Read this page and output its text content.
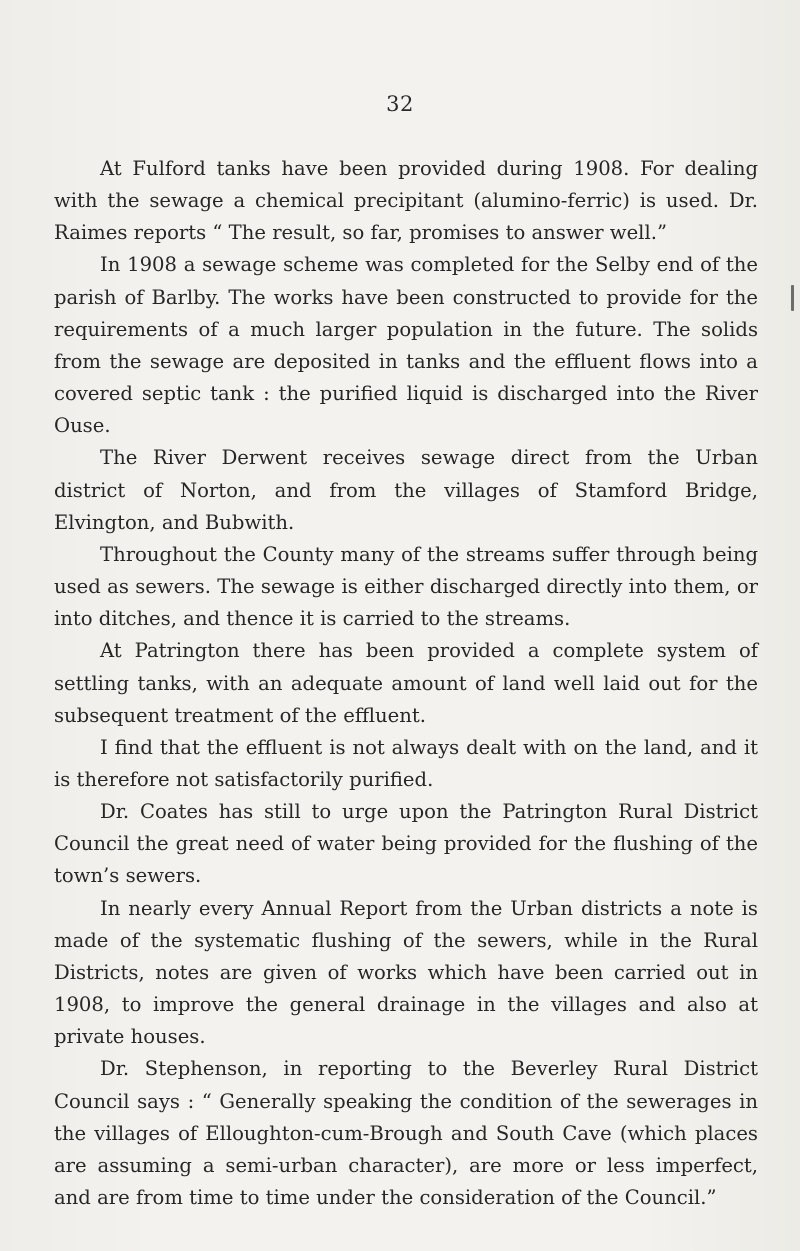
32

At Fulford tanks have been provided during 1908. For dealing with the sewage a chemical precipitant (alumino-ferric) is used. Dr. Raimes reports “ The result, so far, promises to answer well.”

In 1908 a sewage scheme was completed for the Selby end of the parish of Barlby. The works have been constructed to provide for the requirements of a much larger population in the future. The solids from the sewage are deposited in tanks and the effluent flows into a covered septic tank : the purified liquid is discharged into the River Ouse.

The River Derwent receives sewage direct from the Urban district of Norton, and from the villages of Stamford Bridge, Elvington, and Bubwith.

Throughout the County many of the streams suffer through being used as sewers. The sewage is either discharged directly into them, or into ditches, and thence it is carried to the streams.

At Patrington there has been provided a complete system of settling tanks, with an adequate amount of land well laid out for the subsequent treatment of the effluent.

I find that the effluent is not always dealt with on the land, and it is therefore not satisfactorily purified.

Dr. Coates has still to urge upon the Patrington Rural District Council the great need of water being provided for the flushing of the town’s sewers.

In nearly every Annual Report from the Urban districts a note is made of the systematic flushing of the sewers, while in the Rural Districts, notes are given of works which have been carried out in 1908, to improve the general drainage in the villages and also at private houses.

Dr. Stephenson, in reporting to the Beverley Rural District Council says : “ Generally speaking the condition of the sewerages in the villages of Elloughton-cum-Brough and South Cave (which places are assuming a semi-urban character), are more or less imperfect, and are from time to time under the consideration of the Council.”
